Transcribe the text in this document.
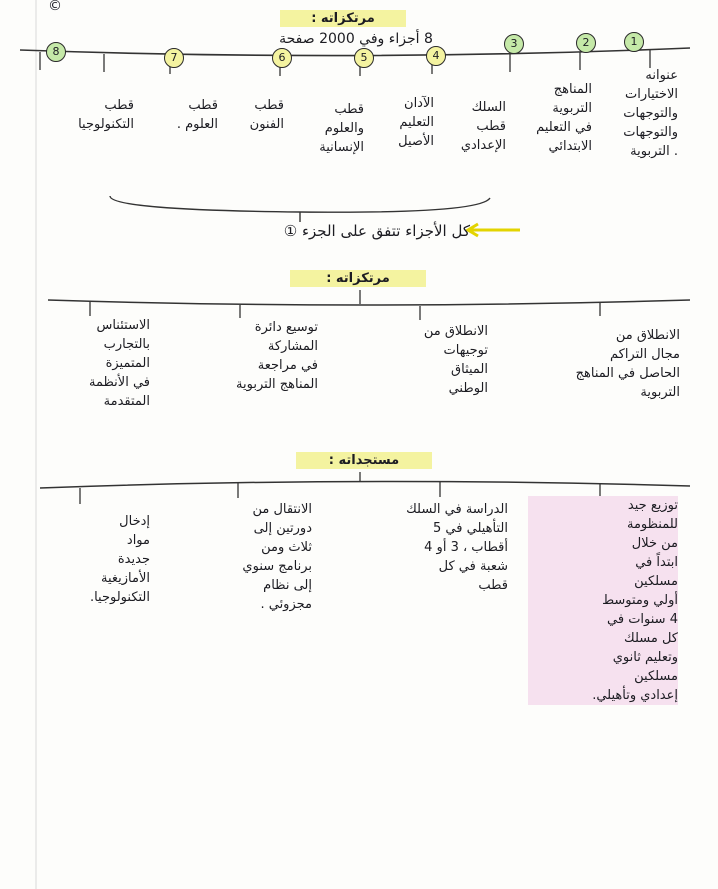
©
مرتكزاته :
8 أجزاء وفي 2000 صفحة	1
2
3
4
5
6
7
8
عنوانه
الاختيارات
والتوجهات
والتوجهات
. التربوية
المناهج
التربوية
في التعليم
الابتدائي
السلك
قطب
الإعدادي
الآدان
التعليم
الأصيل
قطب
والعلوم
الإنسانية
قطب
الفنون
قطب
العلوم .
قطب
التكنولوجيا
كل الأجزاء تتفق على الجزء ①
مرتكزاته :
الانطلاق من
مجال التراكم
الحاصل في المناهج
التربوية
الانطلاق من
توجيهات
الميثاق
الوطني
توسيع دائرة
المشاركة
في مراجعة
المناهج التربوية
الاستئناس
بالتجارب
المتميزة
في الأنظمة
المتقدمة
مستجداته :
توزيع جيد
للمنظومة
من خلال
ابتداً في
مسلكين
أولي ومتوسط
4 سنوات في
كل مسلك
وتعليم ثانوي
مسلكين
إعدادي وتأهيلي.
الدراسة في السلك
التأهيلي في 5
أقطاب ، 3 أو 4
شعبة في كل
قطب
الانتقال من
دورتين إلى
ثلاث ومن
برنامج سنوي
إلى نظام
مجزوئي .
إدخال
مواد
جديدة
الأمازيغية
التكنولوجيا.
